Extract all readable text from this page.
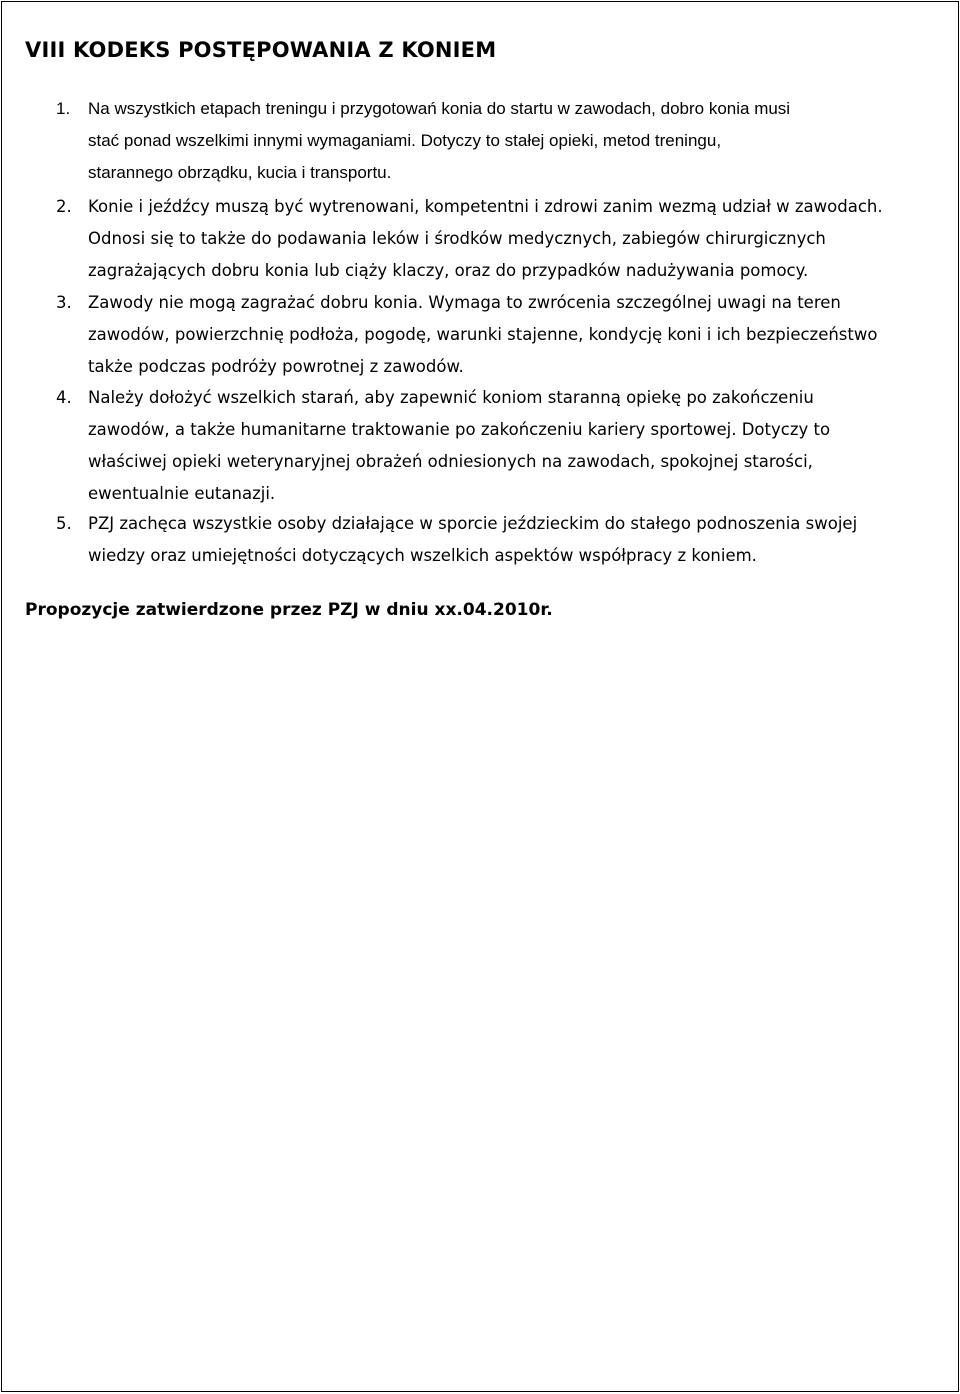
VIII KODEKS POSTĘPOWANIA Z KONIEM
1.	Na wszystkich etapach treningu i przygotowań konia do startu w zawodach, dobro konia musi
stać ponad wszelkimi innymi wymaganiami. Dotyczy to stałej opieki, metod treningu,
starannego obrządku, kucia i transportu.
2. Konie i jeźdźcy muszą być wytrenowani, kompetentni i zdrowi zanim wezmą udział w zawodach.
Odnosi się to także do podawania leków i środków medycznych, zabiegów chirurgicznych
zagrażających dobru konia lub ciąży klaczy, oraz do przypadków nadużywania pomocy.
3. Zawody nie mogą zagrażać dobru konia. Wymaga to zwrócenia szczególnej uwagi na teren
zawodów, powierzchnię podłoża, pogodę, warunki stajenne, kondycję koni i ich bezpieczeństwo
także podczas podróży powrotnej z zawodów.
4. Należy dołożyć wszelkich starań, aby zapewnić koniom staranną opiekę po zakończeniu
zawodów, a także humanitarne traktowanie po zakończeniu kariery sportowej. Dotyczy to
właściwej opieki weterynaryjnej obrażeń odniesionych na zawodach, spokojnej starości,
ewentualnie eutanazji.
5. PZJ zachęca wszystkie osoby działające w sporcie jeździeckim do stałego podnoszenia swojej
wiedzy oraz umiejętności dotyczących wszelkich aspektów współpracy z koniem.
Propozycje zatwierdzone przez PZJ w dniu xx.04.2010r.
